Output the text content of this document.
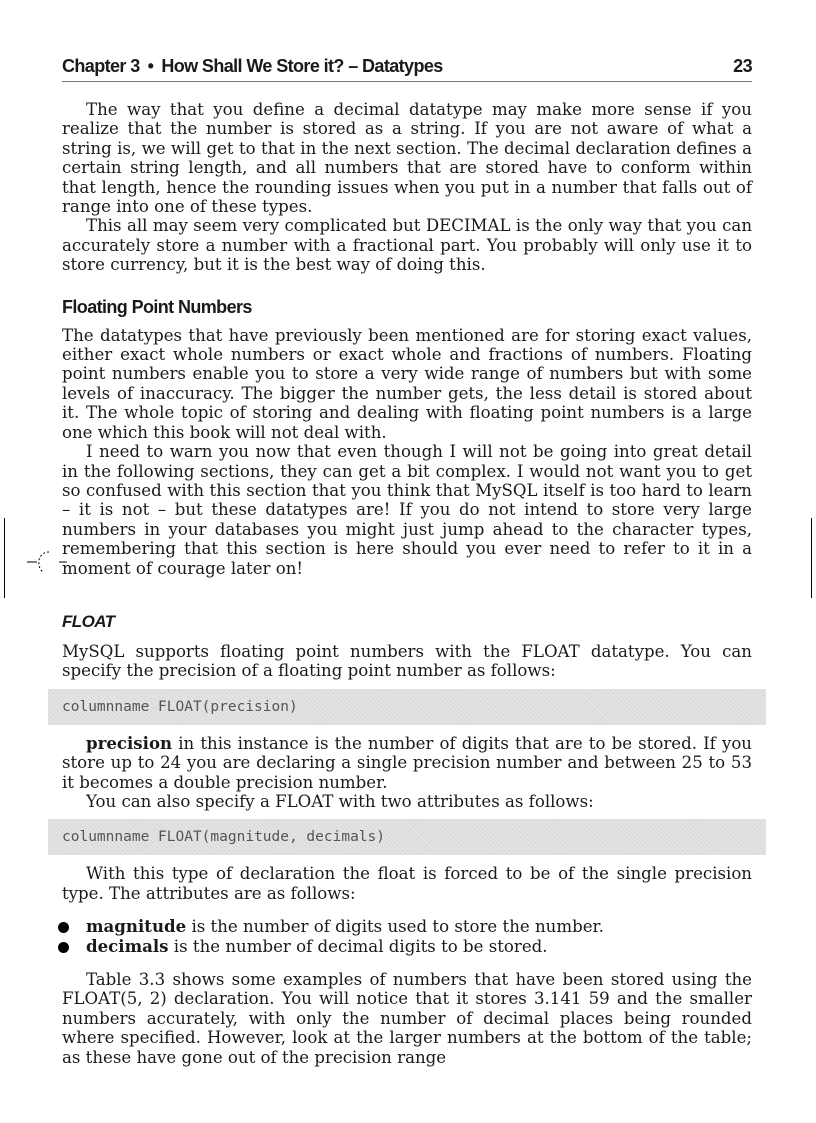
Chapter 3 • How Shall We Store it? – Datatypes	23

The way that you define a decimal datatype may make more sense if you realize that the number is stored as a string. If you are not aware of what a string is, we will get to that in the next section. The decimal declaration defines a certain string length, and all numbers that are stored have to conform within that length, hence the rounding issues when you put in a number that falls out of range into one of these types.

This all may seem very complicated but DECIMAL is the only way that you can accurately store a number with a fractional part. You probably will only use it to store currency, but it is the best way of doing this.

Floating Point Numbers

The datatypes that have previously been mentioned are for storing exact values, either exact whole numbers or exact whole and fractions of numbers. Floating point numbers enable you to store a very wide range of numbers but with some levels of inaccuracy. The bigger the number gets, the less detail is stored about it. The whole topic of storing and dealing with floating point numbers is a large one which this book will not deal with.

I need to warn you now that even though I will not be going into great detail in the following sections, they can get a bit complex. I would not want you to get so confused with this section that you think that MySQL itself is too hard to learn – it is not – but these datatypes are! If you do not intend to store very large numbers in your databases you might just jump ahead to the character types, remembering that this section is here should you ever need to refer to it in a moment of courage later on!

FLOAT

MySQL supports floating point numbers with the FLOAT datatype. You can specify the precision of a floating point number as follows:

columnname FLOAT(precision)

precision in this instance is the number of digits that are to be stored. If you store up to 24 you are declaring a single precision number and between 25 to 53 it becomes a double precision number.

You can also specify a FLOAT with two attributes as follows:

columnname FLOAT(magnitude, decimals)

With this type of declaration the float is forced to be of the single precision type. The attributes are as follows:

magnitude is the number of digits used to store the number.
decimals is the number of decimal digits to be stored.

Table 3.3 shows some examples of numbers that have been stored using the FLOAT(5, 2) declaration. You will notice that it stores 3.141 59 and the smaller numbers accurately, with only the number of decimal places being rounded where specified. However, look at the larger numbers at the bottom of the table; as these have gone out of the precision range
